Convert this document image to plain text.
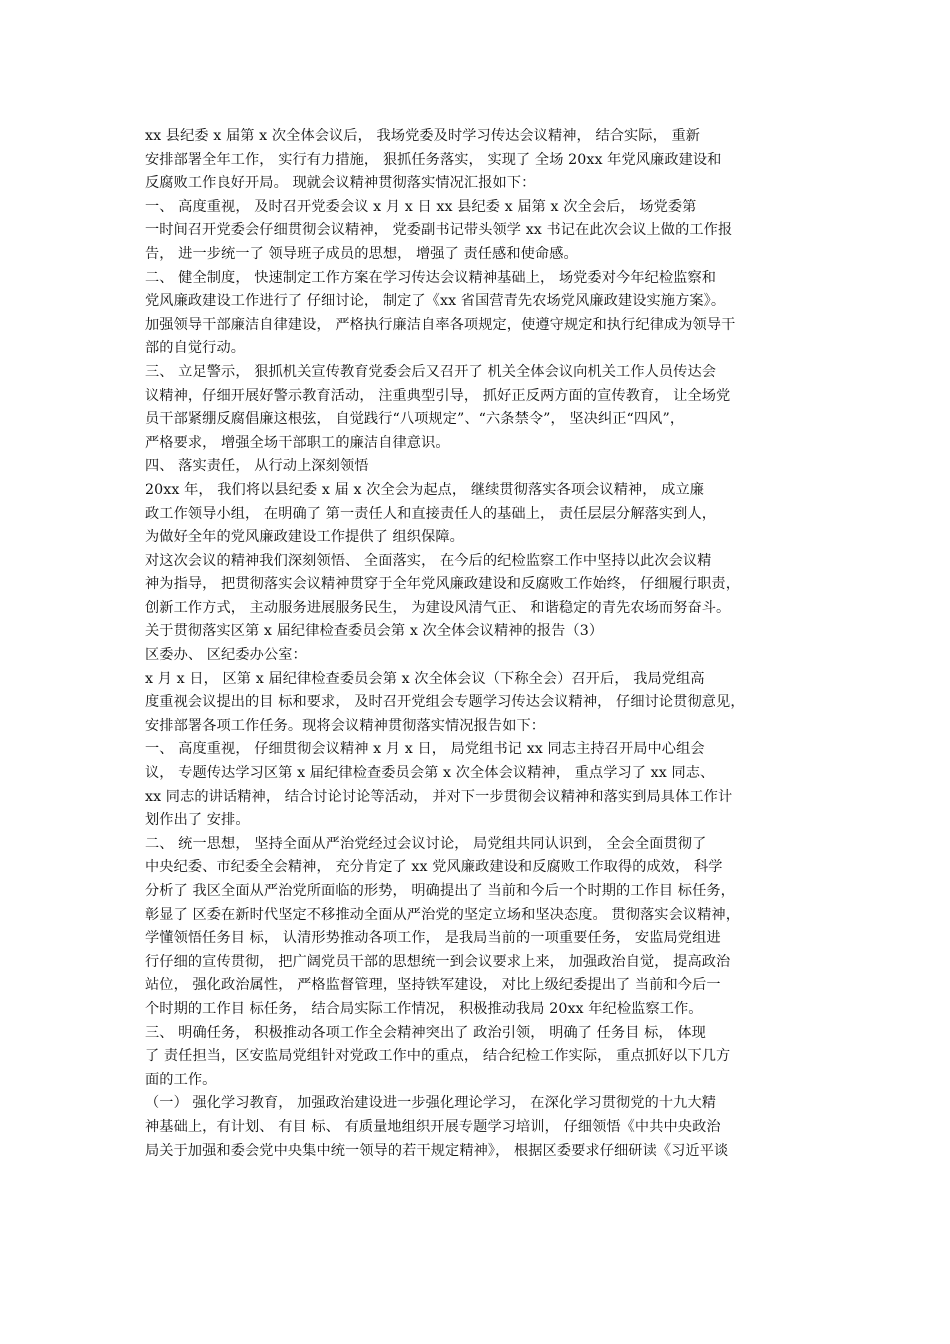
xx 县纪委 x 届第 x 次全体会议后， 我场党委及时学习传达会议精神， 结合实际， 重新
安排部署全年工作， 实行有力措施， 狠抓任务落实， 实现了 全场 20xx 年党风廉政建设和
反腐败工作良好开局。 现就会议精神贯彻落实情况汇报如下：
一、 高度重视， 及时召开党委会议 x 月 x 日 xx 县纪委 x 届第 x 次全会后， 场党委第
一时间召开党委会仔细贯彻会议精神， 党委副书记带头领学 xx 书记在此次会议上做的工作报
告， 进一步统一了 领导班子成员的思想， 增强了 责任感和使命感。
二、 健全制度， 快速制定工作方案在学习传达会议精神基础上， 场党委对今年纪检监察和
党风廉政建设工作进行了 仔细讨论， 制定了《xx 省国营青先农场党风廉政建设实施方案》。
加强领导干部廉洁自律建设， 严格执行廉洁自率各项规定，使遵守规定和执行纪律成为领导干
部的自觉行动。
三、 立足警示， 狠抓机关宣传教育党委会后又召开了 机关全体会议向机关工作人员传达会
议精神，仔细开展好警示教育活动， 注重典型引导， 抓好正反两方面的宣传教育， 让全场党
员干部紧绷反腐倡廉这根弦， 自觉践行“八项规定”、“六条禁令”， 坚决纠正“四风”，
严格要求， 增强全场干部职工的廉洁自律意识。
四、 落实责任， 从行动上深刻领悟
20xx 年， 我们将以县纪委 x 届 x 次全会为起点， 继续贯彻落实各项会议精神， 成立廉
政工作领导小组， 在明确了 第一责任人和直接责任人的基础上， 责任层层分解落实到人，
为做好全年的党风廉政建设工作提供了 组织保障。
对这次会议的精神我们深刻领悟、 全面落实， 在今后的纪检监察工作中坚持以此次会议精
神为指导， 把贯彻落实会议精神贯穿于全年党风廉政建设和反腐败工作始终， 仔细履行职责，
创新工作方式， 主动服务进展服务民生， 为建设风清气正、 和谐稳定的青先农场而努奋斗。
关于贯彻落实区第 x 届纪律检查委员会第 x 次全体会议精神的报告（3）
区委办、 区纪委办公室：
x 月 x 日， 区第 x 届纪律检查委员会第 x 次全体会议（下称全会）召开后， 我局党组高
度重视会议提出的目 标和要求， 及时召开党组会专题学习传达会议精神， 仔细讨论贯彻意见，
安排部署各项工作任务。现将会议精神贯彻落实情况报告如下：
一、 高度重视， 仔细贯彻会议精神 x 月 x 日， 局党组书记 xx 同志主持召开局中心组会
议， 专题传达学习区第 x 届纪律检查委员会第 x 次全体会议精神， 重点学习了 xx 同志、
xx 同志的讲话精神， 结合讨论讨论等活动， 并对下一步贯彻会议精神和落实到局具体工作计
划作出了 安排。
二、 统一思想， 坚持全面从严治党经过会议讨论， 局党组共同认识到， 全会全面贯彻了
中央纪委、市纪委全会精神， 充分肯定了 xx 党风廉政建设和反腐败工作取得的成效， 科学
分析了 我区全面从严治党所面临的形势， 明确提出了 当前和今后一个时期的工作目 标任务，
彰显了 区委在新时代坚定不移推动全面从严治党的坚定立场和坚决态度。 贯彻落实会议精神，
学懂领悟任务目 标， 认清形势推动各项工作， 是我局当前的一项重要任务， 安监局党组进
行仔细的宣传贯彻， 把广阔党员干部的思想统一到会议要求上来， 加强政治自觉， 提高政治
站位， 强化政治属性， 严格监督管理，坚持铁军建设， 对比上级纪委提出了 当前和今后一
个时期的工作目 标任务， 结合局实际工作情况， 积极推动我局 20xx 年纪检监察工作。
三、 明确任务， 积极推动各项工作全会精神突出了 政治引领， 明确了 任务目 标， 体现
了 责任担当，区安监局党组针对党政工作中的重点， 结合纪检工作实际， 重点抓好以下几方
面的工作。
（一） 强化学习教育， 加强政治建设进一步强化理论学习， 在深化学习贯彻党的十九大精
神基础上，有计划、 有目 标、 有质量地组织开展专题学习培训， 仔细领悟《中共中央政治
局关于加强和委会党中央集中统一领导的若干规定精神》， 根据区委要求仔细研读《习近平谈
